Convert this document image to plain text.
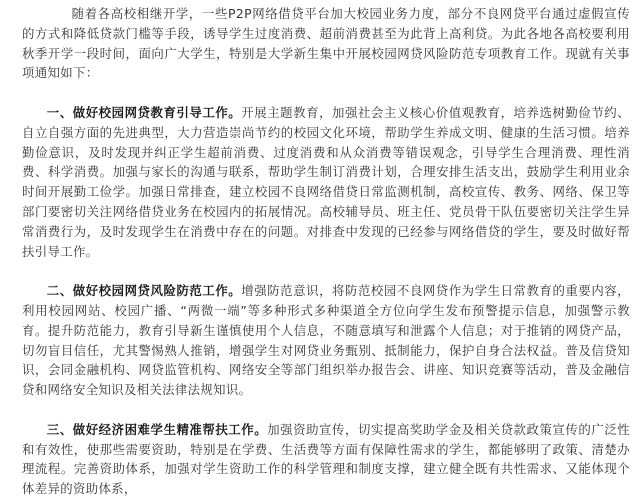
随着各高校相继开学，一些P2P网络借贷平台加大校园业务力度，部分不良网贷平台通过虚假宣传的方式和降低贷款门槛等手段，诱导学生过度消费、超前消费甚至为此背上高利贷。为此各地各高校要利用秋季开学一段时间，面向广大学生，特别是大学新生集中开展校园网贷风险防范专项教育工作。现就有关事项通知如下：

一、做好校园网贷教育引导工作。开展主题教育，加强社会主义核心价值观教育，培养选树勤俭节约、自立自强方面的先进典型，大力营造崇尚节约的校园文化环境，帮助学生养成文明、健康的生活习惯。培养勤俭意识，及时发现并纠正学生超前消费、过度消费和从众消费等错误观念，引导学生合理消费、理性消费、科学消费。加强与家长的沟通与联系，帮助学生制订消费计划，合理安排生活支出，鼓励学生利用业余时间开展勤工俭学。加强日常排查，建立校园不良网络借贷日常监测机制，高校宣传、教务、网络、保卫等部门要密切关注网络借贷业务在校园内的拓展情况。高校辅导员、班主任、党员骨干队伍要密切关注学生异常消费行为，及时发现学生在消费中存在的问题。对排查中发现的已经参与网络借贷的学生，要及时做好帮扶引导工作。

二、做好校园网贷风险防范工作。增强防范意识，将防范校园不良网贷作为学生日常教育的重要内容，利用校园网站、校园广播、“两微一端”等多种形式多种渠道全方位向学生发布预警提示信息，加强警示教育。提升防范能力，教育引导新生谨慎使用个人信息，不随意填写和泄露个人信息；对于推销的网贷产品，切勿盲目信任，尤其警惕熟人推销，增强学生对网贷业务甄别、抵制能力，保护自身合法权益。普及信贷知识，会同金融机构、网贷监管机构、网络安全等部门组织举办报告会、讲座、知识竞赛等活动，普及金融信贷和网络安全知识及相关法律法规知识。

三、做好经济困难学生精准帮扶工作。加强资助宣传，切实提高奖助学金及相关贷款政策宣传的广泛性和有效性，使那些需要资助，特别是在学费、生活费等方面有保障性需求的学生，都能够明了政策、清楚办理流程。完善资助体系，加强对学生资助工作的科学管理和制度支撑，建立健全既有共性需求、又能体现个体差异的资助体系，
